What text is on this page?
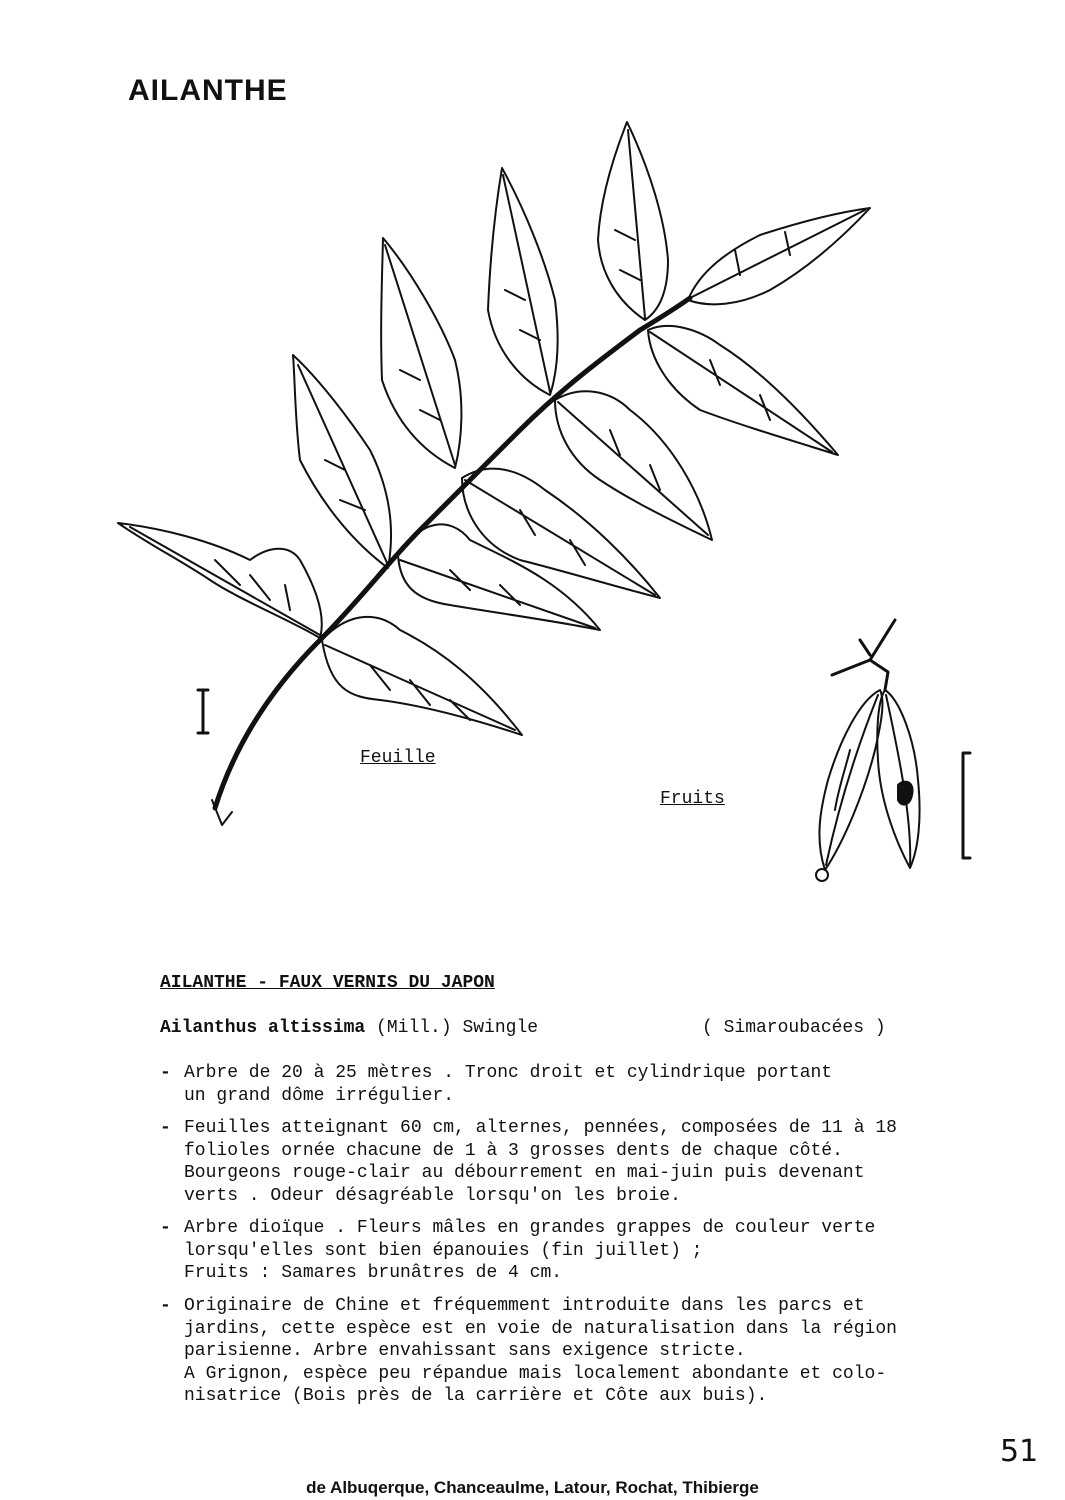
AILANTHE
Feuille
Fruits
AILANTHE - FAUX VERNIS DU JAPON
Ailanthus altissima (Mill.) Swingle	( Simaroubacées )
- Arbre de 20 à 25 mètres . Tronc droit et cylindrique portant
un grand dôme irrégulier.
- Feuilles atteignant 60 cm, alternes, pennées, composées de 11 à 18
folioles ornée chacune de 1 à 3 grosses dents de chaque côté.
Bourgeons rouge-clair au débourrement en mai-juin puis devenant
verts . Odeur désagréable lorsqu'on les broie.
- Arbre dioïque . Fleurs mâles en grandes grappes de couleur verte
lorsqu'elles sont bien épanouies (fin juillet) ;
Fruits : Samares brunâtres de 4 cm.
- Originaire de Chine et fréquemment introduite dans les parcs et
jardins, cette espèce est en voie de naturalisation dans la région
parisienne. Arbre envahissant sans exigence stricte.
A Grignon, espèce peu répandue mais localement abondante et colo-
nisatrice (Bois près de la carrière et Côte aux buis).
51
de Albuqerque, Chanceaulme, Latour, Rochat, Thibierge
